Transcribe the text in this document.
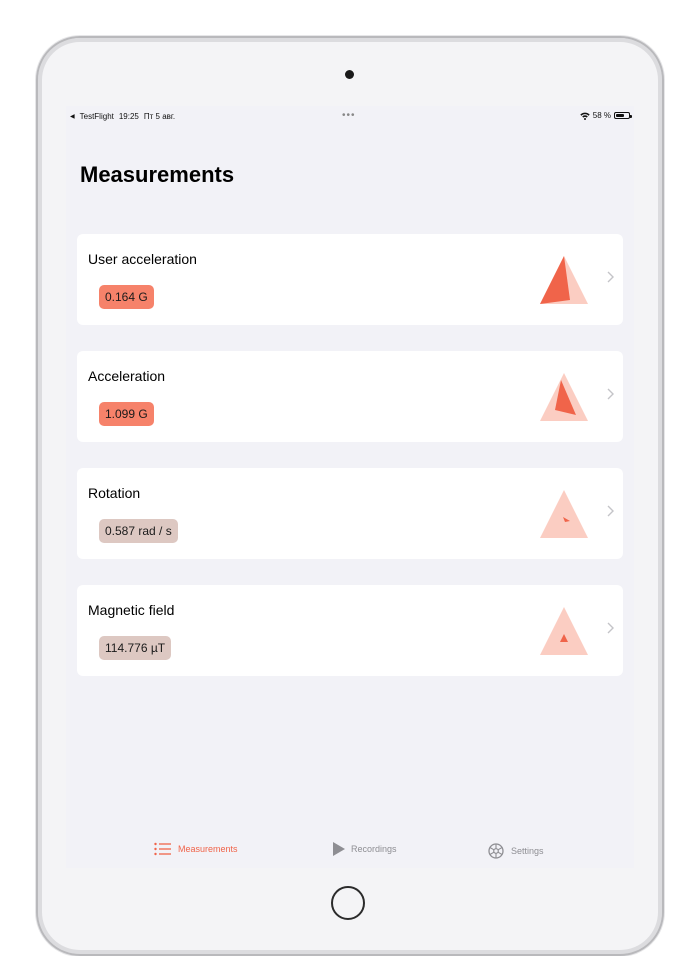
◀ TestFlight 19:25 Пт 5 авг.	•••	58 %
Measurements
User acceleration
0.164 G
Acceleration
1.099 G
Rotation
0.587 rad / s
Magnetic field
114.776 µT
Measurements	Recordings	Settings
